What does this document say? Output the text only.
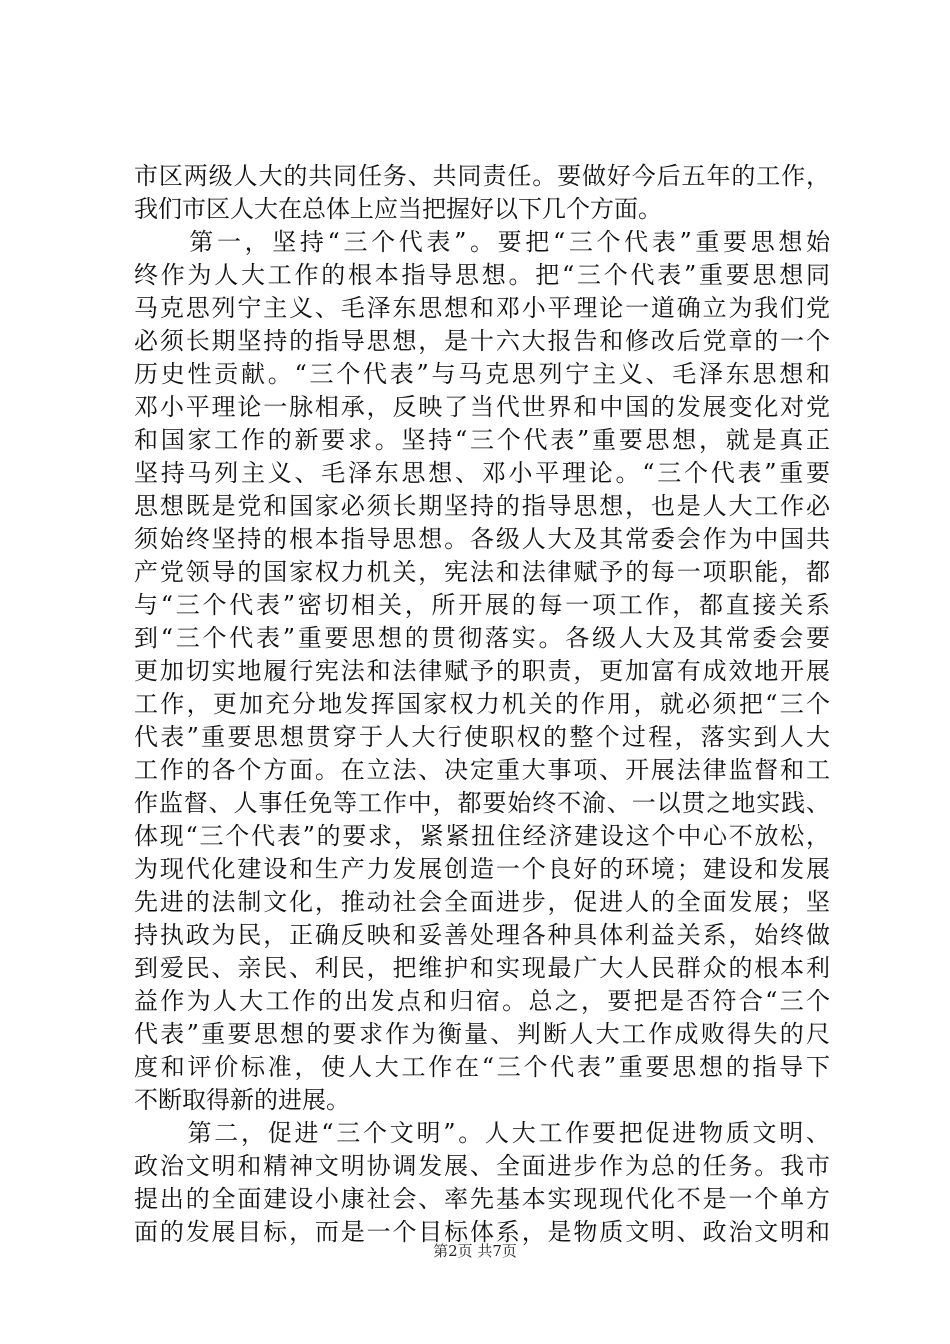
市区两级人大的共同任务、共同责任。要做好今后五年的工作，
我们市区人大在总体上应当把握好以下几个方面。
　　第一，坚持“三个代表”。要把“三个代表”重要思想始
终作为人大工作的根本指导思想。把“三个代表”重要思想同
马克思列宁主义、毛泽东思想和邓小平理论一道确立为我们党
必须长期坚持的指导思想，是十六大报告和修改后党章的一个
历史性贡献。“三个代表”与马克思列宁主义、毛泽东思想和
邓小平理论一脉相承，反映了当代世界和中国的发展变化对党
和国家工作的新要求。坚持“三个代表”重要思想，就是真正
坚持马列主义、毛泽东思想、邓小平理论。“三个代表”重要
思想既是党和国家必须长期坚持的指导思想，也是人大工作必
须始终坚持的根本指导思想。各级人大及其常委会作为中国共
产党领导的国家权力机关，宪法和法律赋予的每一项职能，都
与“三个代表”密切相关，所开展的每一项工作，都直接关系
到“三个代表”重要思想的贯彻落实。各级人大及其常委会要
更加切实地履行宪法和法律赋予的职责，更加富有成效地开展
工作，更加充分地发挥国家权力机关的作用，就必须把“三个
代表”重要思想贯穿于人大行使职权的整个过程，落实到人大
工作的各个方面。在立法、决定重大事项、开展法律监督和工
作监督、人事任免等工作中，都要始终不渝、一以贯之地实践、
体现“三个代表”的要求，紧紧扭住经济建设这个中心不放松，
为现代化建设和生产力发展创造一个良好的环境；建设和发展
先进的法制文化，推动社会全面进步，促进人的全面发展；坚
持执政为民，正确反映和妥善处理各种具体利益关系，始终做
到爱民、亲民、利民，把维护和实现最广大人民群众的根本利
益作为人大工作的出发点和归宿。总之，要把是否符合“三个
代表”重要思想的要求作为衡量、判断人大工作成败得失的尺
度和评价标准，使人大工作在“三个代表”重要思想的指导下
不断取得新的进展。
　　第二，促进“三个文明”。人大工作要把促进物质文明、
政治文明和精神文明协调发展、全面进步作为总的任务。我市
提出的全面建设小康社会、率先基本实现现代化不是一个单方
面的发展目标，而是一个目标体系，是物质文明、政治文明和
第2页 共7页
